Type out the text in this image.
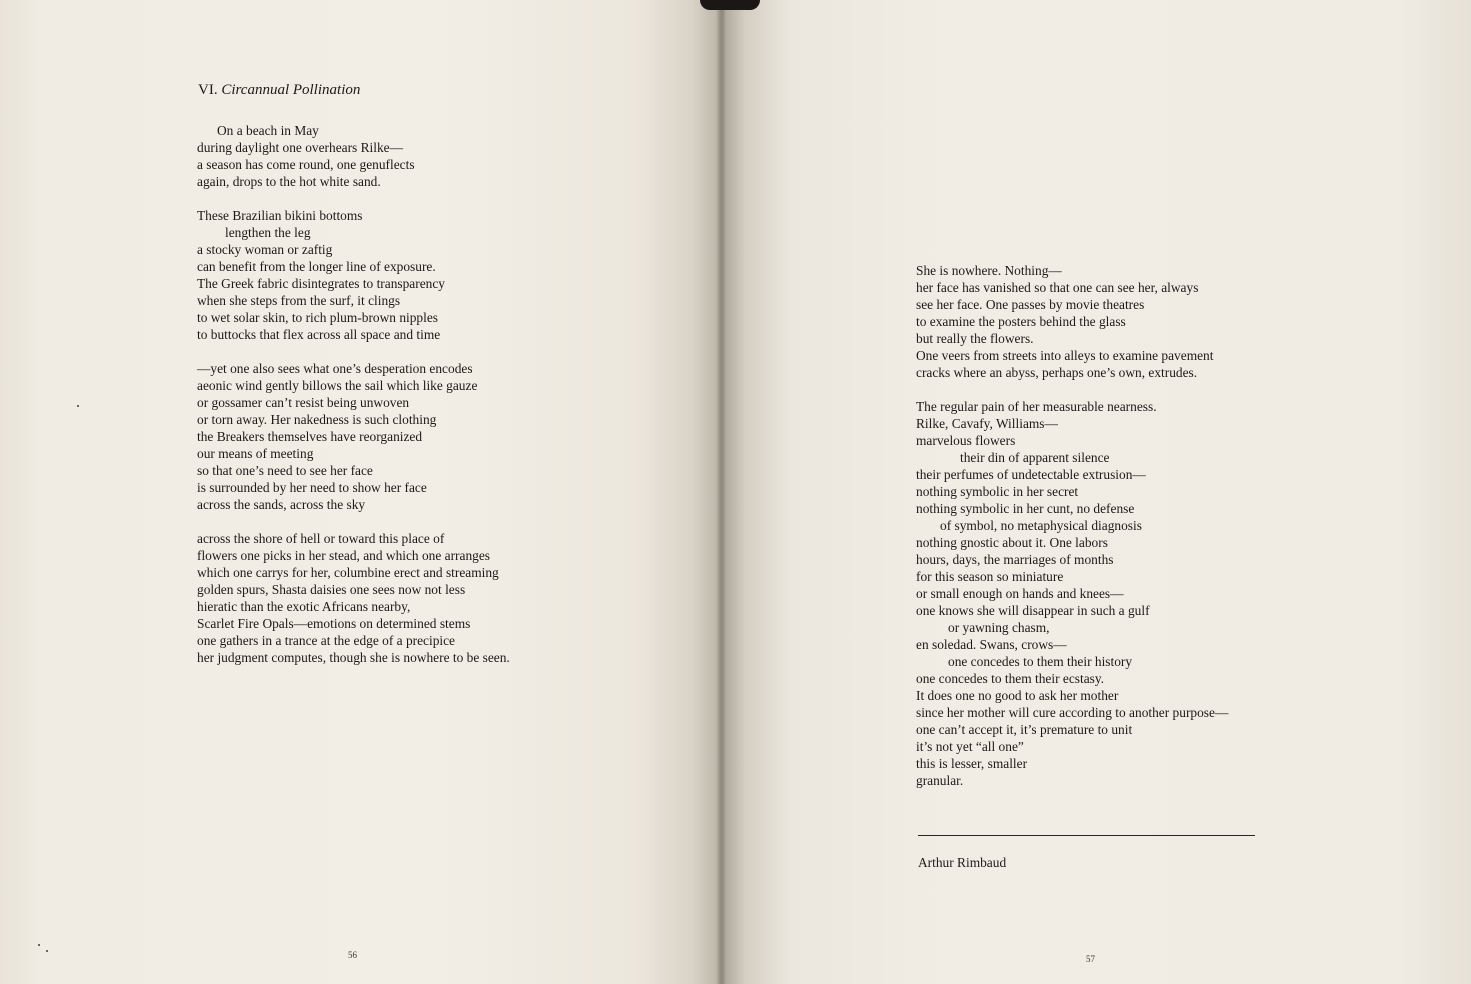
VI. Circannual Pollination
On a beach in May
during daylight one overhears Rilke—
a season has come round, one genuflects
again, drops to the hot white sand.
These Brazilian bikini bottoms
lengthen the leg
a stocky woman or zaftig
can benefit from the longer line of exposure.
The Greek fabric disintegrates to transparency
when she steps from the surf, it clings
to wet solar skin, to rich plum-brown nipples
to buttocks that flex across all space and time
—yet one also sees what one’s desperation encodes
aeonic wind gently billows the sail which like gauze
or gossamer can’t resist being unwoven
or torn away. Her nakedness is such clothing
the Breakers themselves have reorganized
our means of meeting
so that one’s need to see her face
is surrounded by her need to show her face
across the sands, across the sky
across the shore of hell or toward this place of
flowers one picks in her stead, and which one arranges
which one carrys for her, columbine erect and streaming
golden spurs, Shasta daisies one sees now not less
hieratic than the exotic Africans nearby,
Scarlet Fire Opals—emotions on determined stems
one gathers in a trance at the edge of a precipice
her judgment computes, though she is nowhere to be seen.
56
She is nowhere. Nothing—
her face has vanished so that one can see her, always
see her face. One passes by movie theatres
to examine the posters behind the glass
but really the flowers.
One veers from streets into alleys to examine pavement
cracks where an abyss, perhaps one’s own, extrudes.
The regular pain of her measurable nearness.
Rilke, Cavafy, Williams—
marvelous flowers
their din of apparent silence
their perfumes of undetectable extrusion—
nothing symbolic in her secret
nothing symbolic in her cunt, no defense
of symbol, no metaphysical diagnosis
nothing gnostic about it. One labors
hours, days, the marriages of months
for this season so miniature
or small enough on hands and knees—
one knows she will disappear in such a gulf
or yawning chasm,
en soledad. Swans, crows—
one concedes to them their history
one concedes to them their ecstasy.
It does one no good to ask her mother
since her mother will cure according to another purpose—
one can’t accept it, it’s premature to unit
it’s not yet “all one”
this is lesser, smaller
granular.
57
Arthur Rimbaud
